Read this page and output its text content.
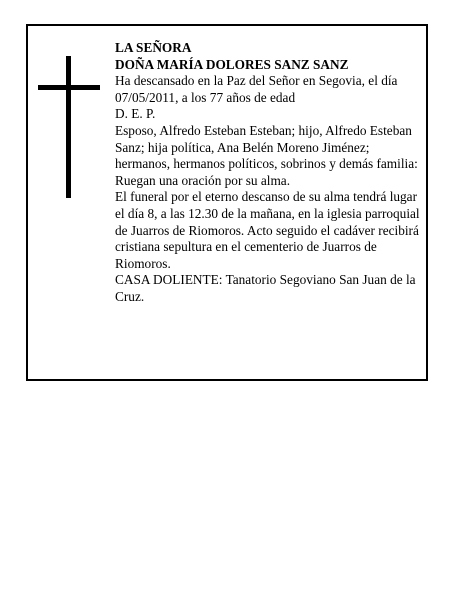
LA SEÑORA

DOÑA MARÍA DOLORES SANZ SANZ

Ha descansado en la Paz del Señor en Segovia, el día 07/05/2011, a los 77 años de edad

D. E. P.

Esposo, Alfredo Esteban Esteban; hijo, Alfredo Esteban Sanz; hija política, Ana Belén Moreno Jiménez; hermanos, hermanos políticos, sobrinos y demás familia:

Ruegan una oración por su alma.

El funeral por el eterno descanso de su alma tendrá lugar el día 8, a las 12.30 de la mañana, en la iglesia parroquial de Juarros de Riomoros. Acto seguido el cadáver recibirá cristiana sepultura en el cementerio de Juarros de Riomoros.

CASA DOLIENTE: Tanatorio Segoviano San Juan de la Cruz.
